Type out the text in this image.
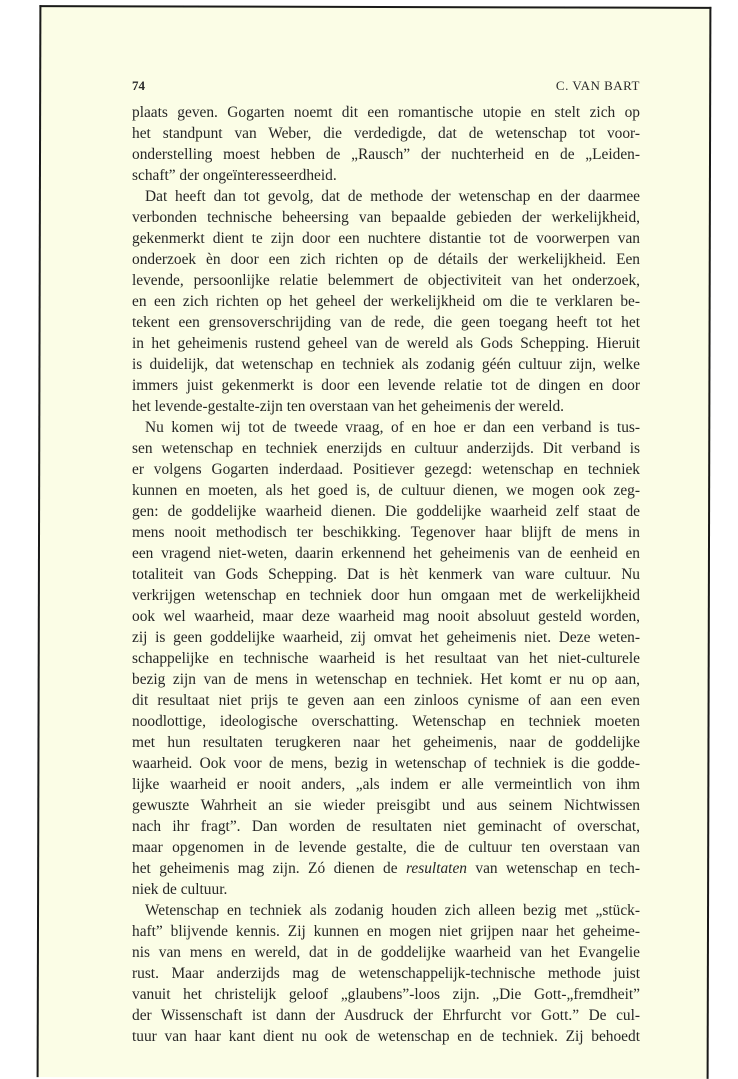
74	C. VAN BART
plaats geven. Gogarten noemt dit een romantische utopie en stelt zich op
het standpunt van Weber, die verdedigde, dat de wetenschap tot voor-
onderstelling moest hebben de „Rausch” der nuchterheid en de „Leiden-
schaft” der ongeïnteresseerdheid.
Dat heeft dan tot gevolg, dat de methode der wetenschap en der daarmee
verbonden technische beheersing van bepaalde gebieden der werkelijkheid,
gekenmerkt dient te zijn door een nuchtere distantie tot de voorwerpen van
onderzoek èn door een zich richten op de détails der werkelijkheid. Een
levende, persoonlijke relatie belemmert de objectiviteit van het onderzoek,
en een zich richten op het geheel der werkelijkheid om die te verklaren be-
tekent een grensoverschrijding van de rede, die geen toegang heeft tot het
in het geheimenis rustend geheel van de wereld als Gods Schepping. Hieruit
is duidelijk, dat wetenschap en techniek als zodanig géén cultuur zijn, welke
immers juist gekenmerkt is door een levende relatie tot de dingen en door
het levende-gestalte-zijn ten overstaan van het geheimenis der wereld.
Nu komen wij tot de tweede vraag, of en hoe er dan een verband is tus-
sen wetenschap en techniek enerzijds en cultuur anderzijds. Dit verband is
er volgens Gogarten inderdaad. Positiever gezegd: wetenschap en techniek
kunnen en moeten, als het goed is, de cultuur dienen, we mogen ook zeg-
gen: de goddelijke waarheid dienen. Die goddelijke waarheid zelf staat de
mens nooit methodisch ter beschikking. Tegenover haar blijft de mens in
een vragend niet-weten, daarin erkennend het geheimenis van de eenheid en
totaliteit van Gods Schepping. Dat is hèt kenmerk van ware cultuur. Nu
verkrijgen wetenschap en techniek door hun omgaan met de werkelijkheid
ook wel waarheid, maar deze waarheid mag nooit absoluut gesteld worden,
zij is geen goddelijke waarheid, zij omvat het geheimenis niet. Deze weten-
schappelijke en technische waarheid is het resultaat van het niet-culturele
bezig zijn van de mens in wetenschap en techniek. Het komt er nu op aan,
dit resultaat niet prijs te geven aan een zinloos cynisme of aan een even
noodlottige, ideologische overschatting. Wetenschap en techniek moeten
met hun resultaten terugkeren naar het geheimenis, naar de goddelijke
waarheid. Ook voor de mens, bezig in wetenschap of techniek is die godde-
lijke waarheid er nooit anders, „als indem er alle vermeintlich von ihm
gewuszte Wahrheit an sie wieder preisgibt und aus seinem Nichtwissen
nach ihr fragt”. Dan worden de resultaten niet geminacht of overschat,
maar opgenomen in de levende gestalte, die de cultuur ten overstaan van
het geheimenis mag zijn. Zó dienen de resultaten van wetenschap en tech-
niek de cultuur.
Wetenschap en techniek als zodanig houden zich alleen bezig met „stück-
haft” blijvende kennis. Zij kunnen en mogen niet grijpen naar het geheime-
nis van mens en wereld, dat in de goddelijke waarheid van het Evangelie
rust. Maar anderzijds mag de wetenschappelijk-technische methode juist
vanuit het christelijk geloof „glaubens”-loos zijn. „Die Gott-„fremdheit”
der Wissenschaft ist dann der Ausdruck der Ehrfurcht vor Gott.” De cul-
tuur van haar kant dient nu ook de wetenschap en de techniek. Zij behoedt
